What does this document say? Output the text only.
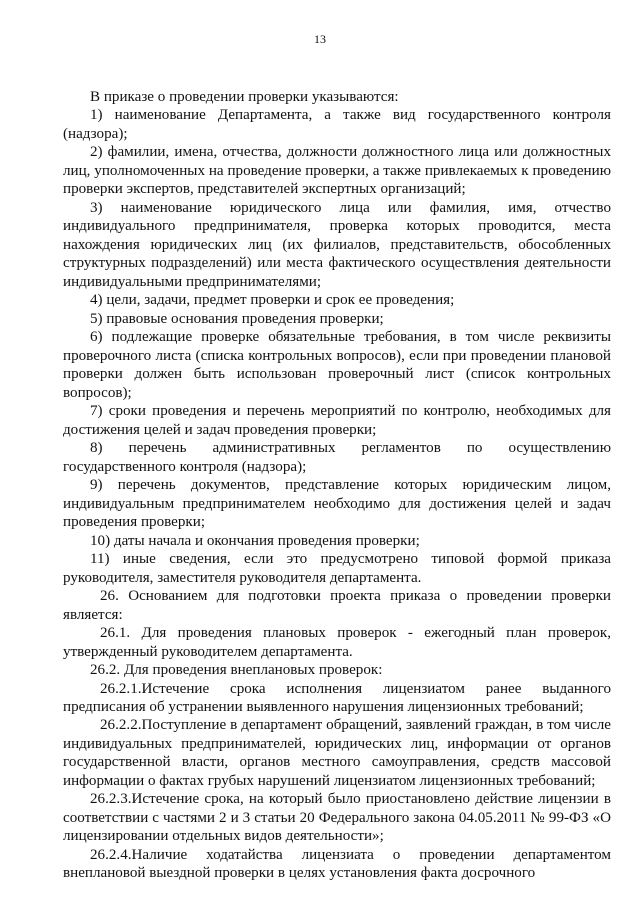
13

В приказе о проведении проверки указываются:

1) наименование Департамента, а также вид государственного контроля (надзора);

2) фамилии, имена, отчества, должности должностного лица или должностных лиц, уполномоченных на проведение проверки, а также привлекаемых к проведению проверки экспертов, представителей экспертных организаций;

3) наименование юридического лица или фамилия, имя, отчество индивидуального предпринимателя, проверка которых проводится, места нахождения юридических лиц (их филиалов, представительств, обособленных структурных подразделений) или места фактического осуществления деятельности индивидуальными предпринимателями;

4) цели, задачи, предмет проверки и срок ее проведения;

5) правовые основания проведения проверки;

6) подлежащие проверке обязательные требования, в том числе реквизиты проверочного листа (списка контрольных вопросов), если при проведении плановой проверки должен быть использован проверочный лист (список контрольных вопросов);

7) сроки проведения и перечень мероприятий по контролю, необходимых для достижения целей и задач проведения проверки;

8) перечень административных регламентов по осуществлению государственного контроля (надзора);

9) перечень документов, представление которых юридическим лицом, индивидуальным предпринимателем необходимо для достижения целей и задач проведения проверки;

10) даты начала и окончания проведения проверки;

11) иные сведения, если это предусмотрено типовой формой приказа руководителя, заместителя руководителя департамента.

26. Основанием для подготовки проекта приказа о проведении проверки является:

26.1. Для проведения плановых проверок - ежегодный план проверок, утвержденный руководителем департамента.

26.2. Для проведения внеплановых проверок:

26.2.1.Истечение срока исполнения лицензиатом ранее выданного предписания об устранении выявленного нарушения лицензионных требований;

26.2.2.Поступление в департамент обращений, заявлений граждан, в том числе индивидуальных предпринимателей, юридических лиц, информации от органов государственной власти, органов местного самоуправления, средств массовой информации о фактах грубых нарушений лицензиатом лицензионных требований;

26.2.3.Истечение срока, на который было приостановлено действие лицензии в соответствии с частями 2 и 3 статьи 20 Федерального закона 04.05.2011 № 99-ФЗ «О лицензировании отдельных видов деятельности»;

26.2.4.Наличие ходатайства лицензиата о проведении департаментом внеплановой выездной проверки в целях установления факта досрочного
